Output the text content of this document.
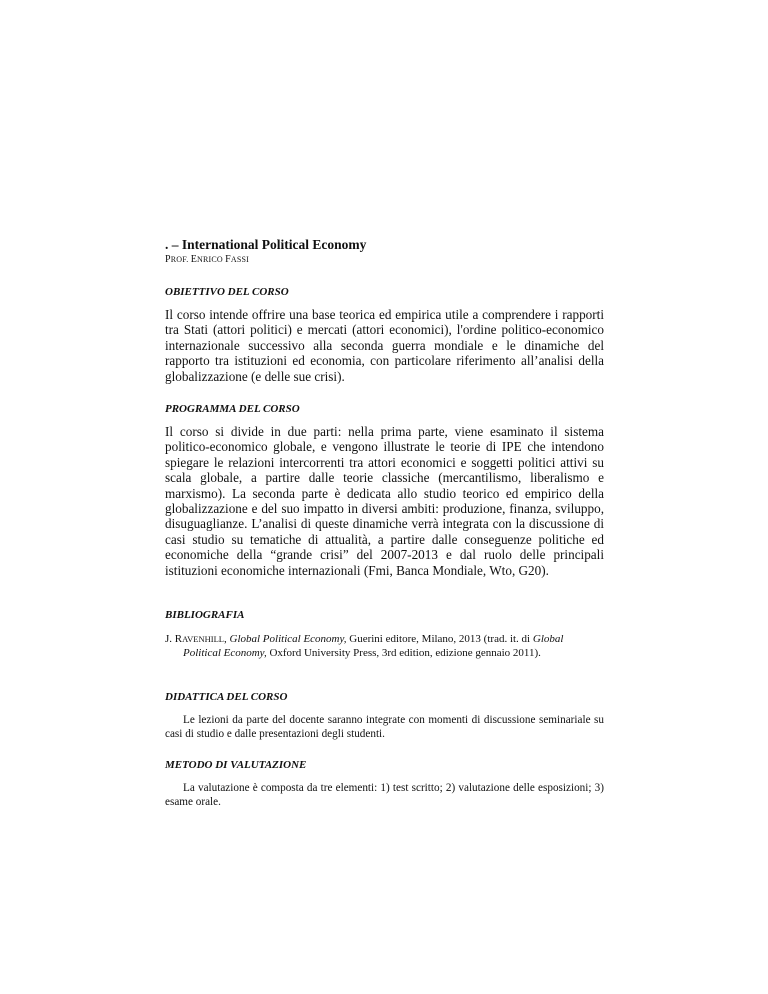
. – International Political Economy

PROF. ENRICO FASSI

OBIETTIVO DEL CORSO

Il corso intende offrire una base teorica ed empirica utile a comprendere i rapporti tra Stati (attori politici) e mercati (attori economici), l'ordine politico-economico internazionale successivo alla seconda guerra mondiale e le dinamiche del rapporto tra istituzioni ed economia, con particolare riferimento all’analisi della globalizzazione (e delle sue crisi).

PROGRAMMA DEL CORSO

Il corso si divide in due parti: nella prima parte, viene esaminato il sistema politico-economico globale, e vengono illustrate le teorie di IPE che intendono spiegare le relazioni intercorrenti tra attori economici e soggetti politici attivi su scala globale, a partire dalle teorie classiche (mercantilismo, liberalismo e marxismo). La seconda parte è dedicata allo studio teorico ed empirico della globalizzazione e del suo impatto in diversi ambiti: produzione, finanza, sviluppo, disuguaglianze. L’analisi di queste dinamiche verrà integrata con la discussione di casi studio su tematiche di attualità, a partire dalle conseguenze politiche ed economiche della “grande crisi” del 2007-2013 e dal ruolo delle principali istituzioni economiche internazionali (Fmi, Banca Mondiale, Wto, G20).

BIBLIOGRAFIA

J. RAVENHILL, Global Political Economy, Guerini editore, Milano, 2013 (trad. it. di Global Political Economy, Oxford University Press, 3rd edition, edizione gennaio 2011).

DIDATTICA DEL CORSO

Le lezioni da parte del docente saranno integrate con momenti di discussione seminariale su casi di studio e dalle presentazioni degli studenti.

METODO DI VALUTAZIONE

La valutazione è composta da tre elementi: 1) test scritto; 2) valutazione delle esposizioni; 3) esame orale.
